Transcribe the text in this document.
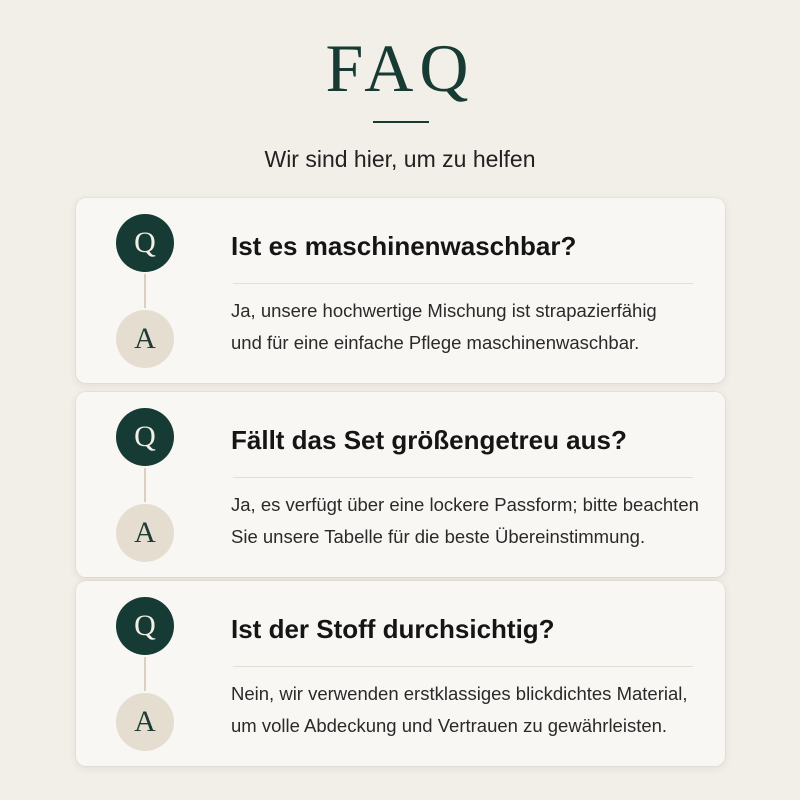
FAQ
Wir sind hier, um zu helfen
Q
A
Ist es maschinenwaschbar?
Ja, unsere hochwertige Mischung ist strapazierfähig
und für eine einfache Pflege maschinenwaschbar.
Q
A
Fällt das Set größengetreu aus?
Ja, es verfügt über eine lockere Passform; bitte beachten
Sie unsere Tabelle für die beste Übereinstimmung.
Q
A
Ist der Stoff durchsichtig?
Nein, wir verwenden erstklassiges blickdichtes Material,
um volle Abdeckung und Vertrauen zu gewährleisten.
